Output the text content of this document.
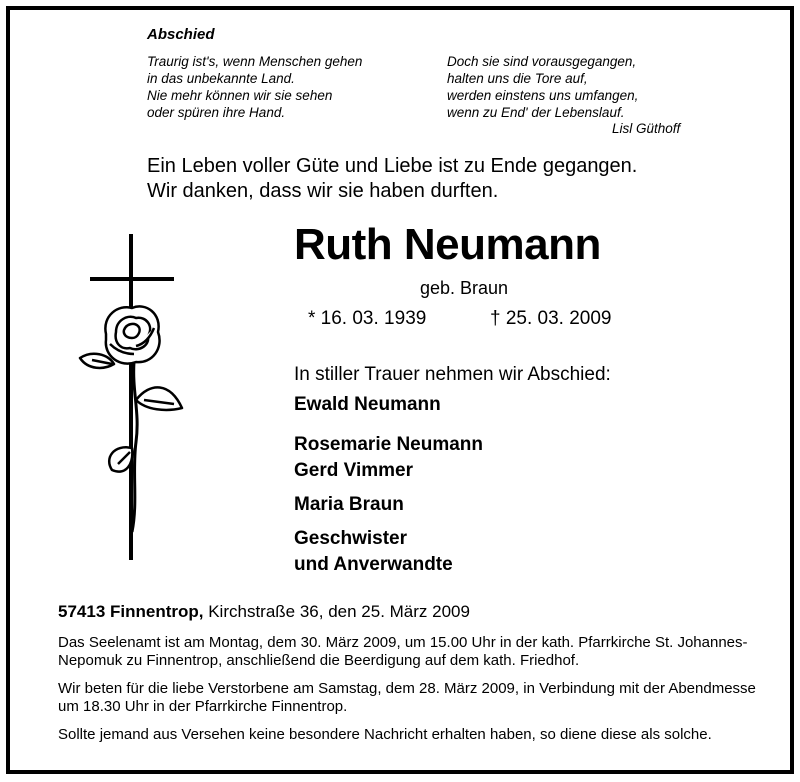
Abschied
Traurig ist's, wenn Menschen gehen
in das unbekannte Land.
Nie mehr können wir sie sehen
oder spüren ihre Hand.
Doch sie sind vorausgegangen,
halten uns die Tore auf,
werden einstens uns umfangen,
wenn zu End' der Lebenslauf.
Lisl Güthoff
Ein Leben voller Güte und Liebe ist zu Ende gegangen.
Wir danken, dass wir sie haben durften.
Ruth Neumann
geb. Braun
* 16. 03. 1939	† 25. 03. 2009
In stiller Trauer nehmen wir Abschied:
Ewald Neumann
Rosemarie Neumann
Gerd Vimmer
Maria Braun
Geschwister
und Anverwandte
57413 Finnentrop, Kirchstraße 36, den 25. März 2009
Das Seelenamt ist am Montag, dem 30. März 2009, um 15.00 Uhr in der kath. Pfarrkirche St. Johannes-Nepomuk zu Finnentrop, anschließend die Beerdigung auf dem kath. Friedhof.
Wir beten für die liebe Verstorbene am Samstag, dem 28. März 2009, in Verbindung mit der Abendmesse um 18.30 Uhr in der Pfarrkirche Finnentrop.
Sollte jemand aus Versehen keine besondere Nachricht erhalten haben, so diene diese als solche.
